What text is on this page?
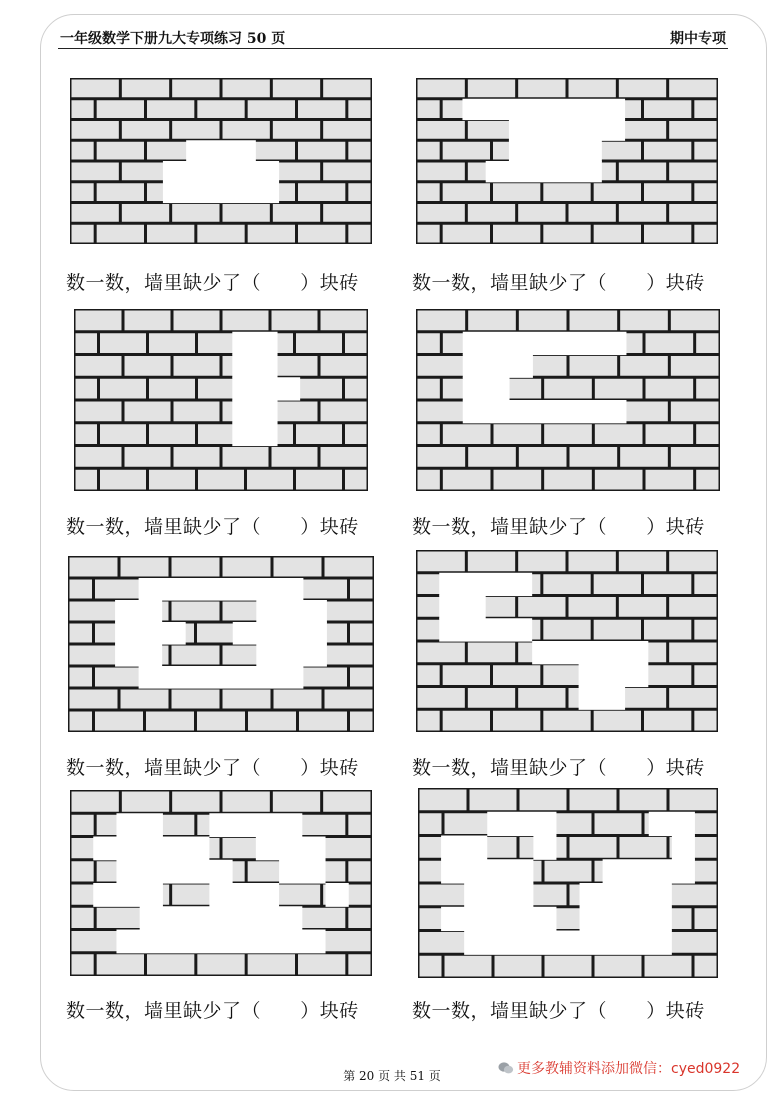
一年级数学下册九大专项练习 50 页	期中专项
数一数，墙里缺少了（      ）块砖	数一数，墙里缺少了（      ）块砖
数一数，墙里缺少了（      ）块砖	数一数，墙里缺少了（      ）块砖
数一数，墙里缺少了（      ）块砖	数一数，墙里缺少了（      ）块砖
数一数，墙里缺少了（      ）块砖	数一数，墙里缺少了（      ）块砖
第 20 页 共 51 页	更多教辅资料添加微信：cyed0922
